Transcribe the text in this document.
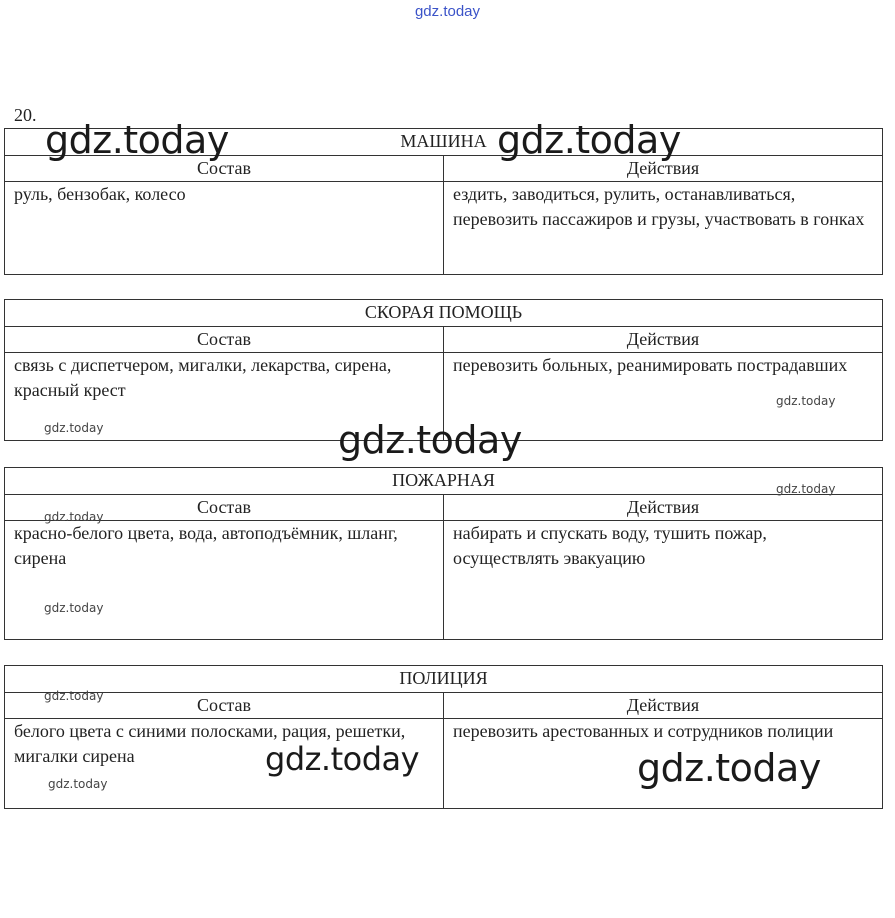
gdz.today
20.
МАШИНА	
Состав	Действия
руль, бензобак, колесо	ездить, заводиться, рулить, останавливаться, перевозить пассажиров и грузы, участвовать в гонках
СКОРАЯ ПОМОЩЬ	
Состав	Действия
связь с диспетчером, мигалки, лекарства, сирена, красный крест	перевозить больных, реанимировать пострадавших
ПОЖАРНАЯ	
Состав	Действия
красно-белого цвета, вода, автоподъёмник, шланг, сирена	набирать и спускать воду, тушить пожар, осуществлять эвакуацию
ПОЛИЦИЯ	
Состав	Действия
белого цвета с синими полосками, рация, решетки, мигалки сирена	перевозить арестованных и сотрудников полиции
gdz.today	gdz.today
gdz.today
gdz.today	gdz.today
gdz.today
gdz.today
gdz.today
gdz.today
gdz.today
gdz.today
gdz.today
